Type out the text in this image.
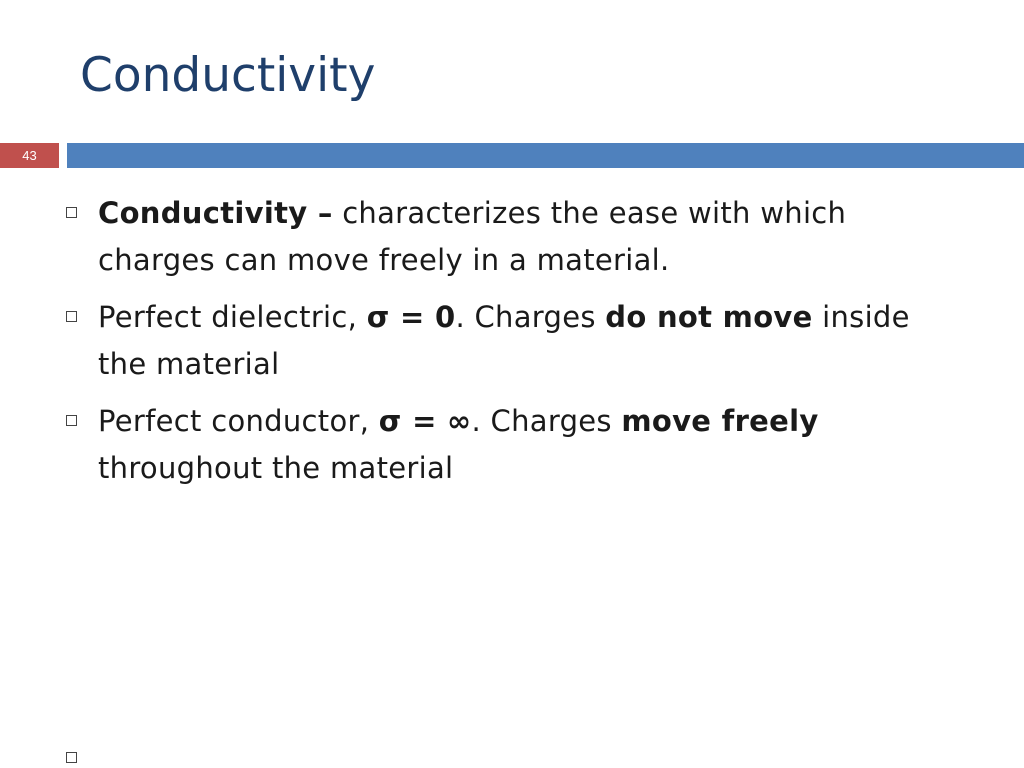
Conductivity
43
Conductivity – characterizes the ease with which charges can move freely in a material.
Perfect dielectric, σ = 0. Charges do not move inside the material
Perfect conductor, σ = ∞. Charges move freely throughout the material
